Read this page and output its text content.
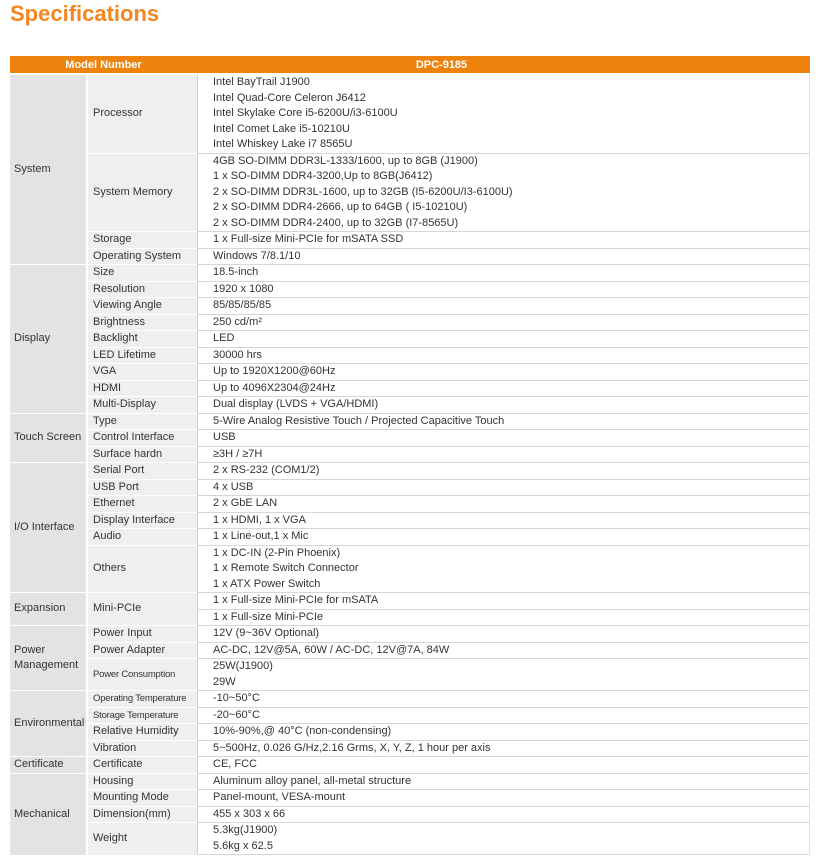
Specifications
Model Number		DPC-9185

System	Processor	Intel BayTrail J1900
Intel Quad-Core Celeron J6412
Intel Skylake Core i5-6200U/i3-6100U
Intel Comet Lake i5-10210U
Intel Whiskey Lake i7 8565U

	System Memory	4GB SO-DIMM DDR3L-1333/1600, up to 8GB (J1900)
1 x SO-DIMM DDR4-3200,Up to 8GB(J6412)
2 x SO-DIMM DDR3L-1600, up to 32GB (I5-6200U/I3-6100U)
2 x SO-DIMM DDR4-2666, up to 64GB ( I5-10210U)
2 x SO-DIMM DDR4-2400, up to 32GB (I7-8565U)

	Storage	1 x Full-size Mini-PCIe for mSATA SSD

	Operating System	Windows 7/8.1/10

Display	Size	18.5-inch

	Resolution	1920 x 1080

	Viewing Angle	85/85/85/85

	Brightness	250 cd/m²

	Backlight	LED

	LED Lifetime	30000 hrs

	VGA	Up to 1920X1200@60Hz

	HDMI	Up to 4096X2304@24Hz

	Multi-Display	Dual display (LVDS + VGA/HDMI)

Touch Screen	Type	5-Wire Analog Resistive Touch / Projected Capacitive Touch

	Control Interface	USB

	Surface hardn	≥3H / ≥7H

I/O Interface	Serial Port	2 x RS-232 (COM1/2)

	USB Port	4 x USB

	Ethernet	2 x GbE LAN

	Display Interface	1 x HDMI, 1 x VGA

	Audio	1 x Line-out,1 x Mic

	Others	1 x DC-IN (2-Pin Phoenix)
1 x Remote Switch Connector
1 x ATX Power Switch

Expansion	Mini-PCIe	1 x Full-size Mini-PCIe for mSATA
		1 x Full-size Mini-PCIe
Power Management	Power Input	12V (9~36V Optional)

	Power Adapter	AC-DC, 12V@5A, 60W / AC-DC, 12V@7A, 84W

	Power Consumption	25W(J1900)
29W

Environmental	Operating Temperature	-10~50°C

	Storage Temperature	-20~60°C

	Relative Humidity	10%-90%,@ 40°C (non-condensing)

	Vibration	5~500Hz, 0.026 G/Hz,2.16 Grms, X, Y, Z, 1 hour per axis

Certificate	Certificate	CE, FCC

Mechanical	Housing	Aluminum alloy panel, all-metal structure

	Mounting Mode	Panel-mount, VESA-mount

	Dimension(mm)	455 x 303 x 66

	Weight	5.3kg(J1900)
5.6kg x 62.5
